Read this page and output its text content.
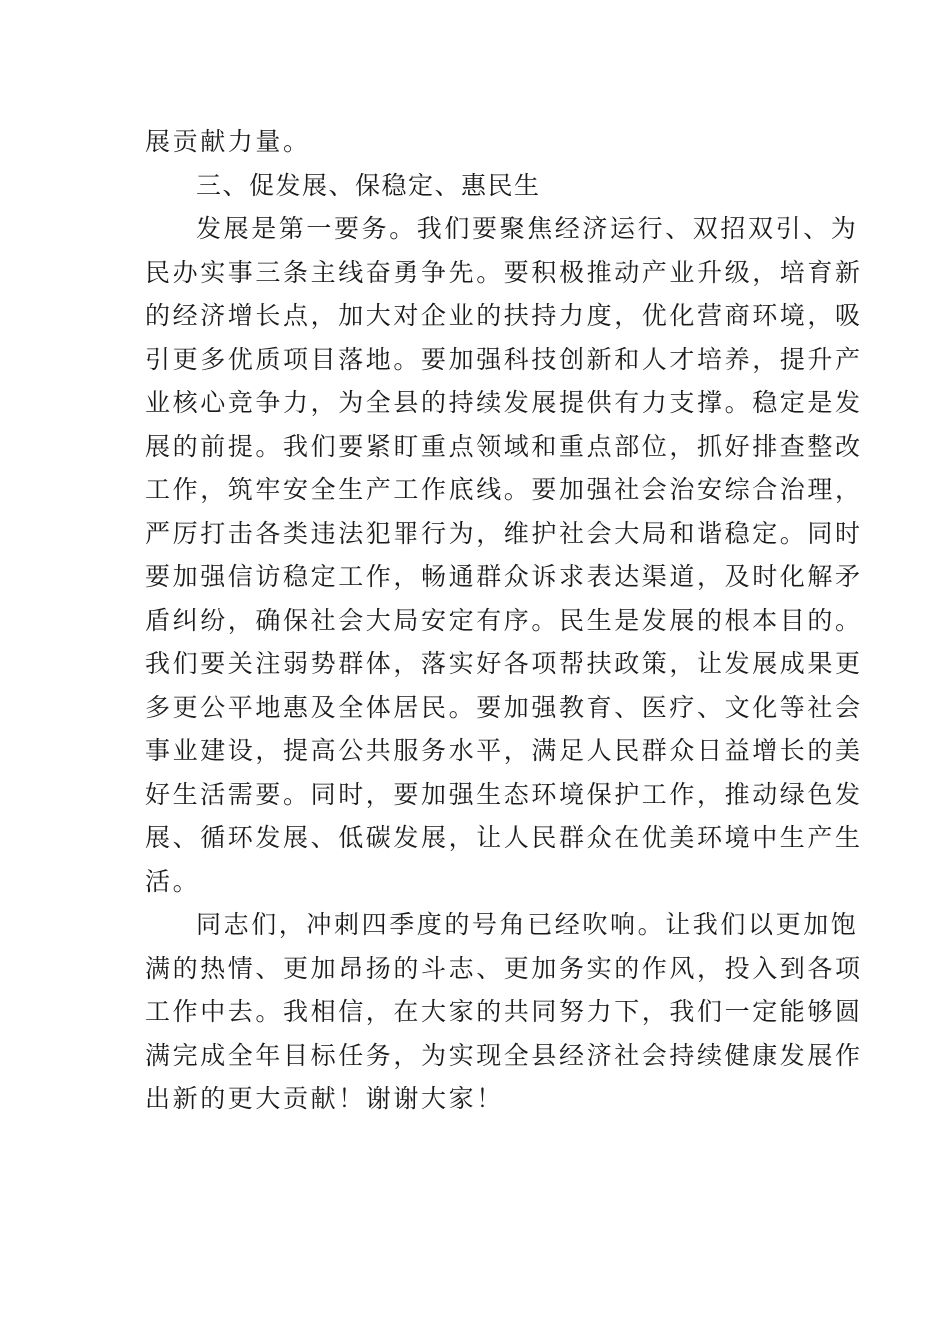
展贡献力量。
三、促发展、保稳定、惠民生
发展是第一要务。我们要聚焦经济运行、双招双引、为
民办实事三条主线奋勇争先。要积极推动产业升级，培育新
的经济增长点，加大对企业的扶持力度，优化营商环境，吸
引更多优质项目落地。要加强科技创新和人才培养，提升产
业核心竞争力，为全县的持续发展提供有力支撑。稳定是发
展的前提。我们要紧盯重点领域和重点部位，抓好排查整改
工作，筑牢安全生产工作底线。要加强社会治安综合治理，
严厉打击各类违法犯罪行为，维护社会大局和谐稳定。同时
要加强信访稳定工作，畅通群众诉求表达渠道，及时化解矛
盾纠纷，确保社会大局安定有序。民生是发展的根本目的。
我们要关注弱势群体，落实好各项帮扶政策，让发展成果更
多更公平地惠及全体居民。要加强教育、医疗、文化等社会
事业建设，提高公共服务水平，满足人民群众日益增长的美
好生活需要。同时，要加强生态环境保护工作，推动绿色发
展、循环发展、低碳发展，让人民群众在优美环境中生产生
活。
同志们，冲刺四季度的号角已经吹响。让我们以更加饱
满的热情、更加昂扬的斗志、更加务实的作风，投入到各项
工作中去。我相信，在大家的共同努力下，我们一定能够圆
满完成全年目标任务，为实现全县经济社会持续健康发展作
出新的更大贡献！谢谢大家！
